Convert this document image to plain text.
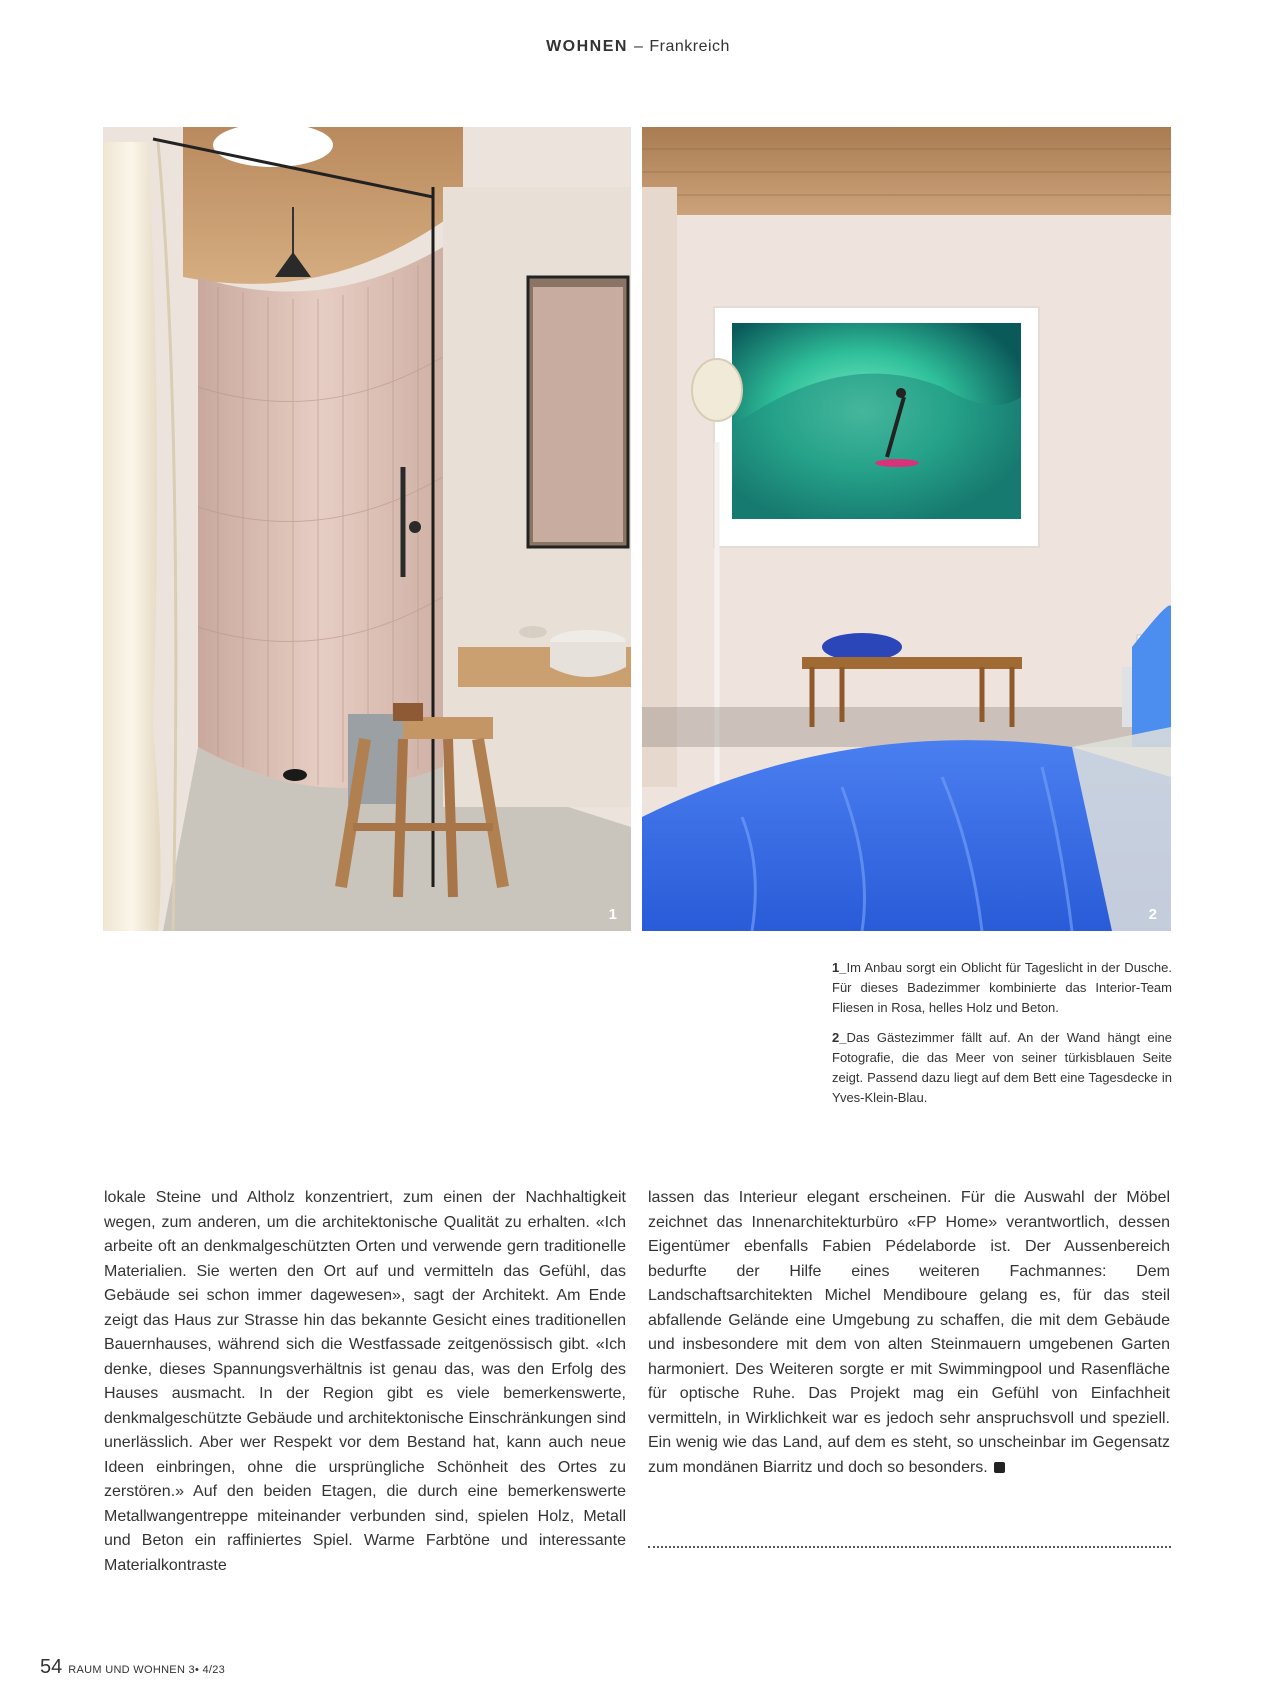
WOHNEN – Frankreich
1	2

1_Im Anbau sorgt ein Oblicht für Tageslicht in der Dusche. Für dieses Badezimmer kombinierte das Interior-Team Fliesen in Rosa, helles Holz und Beton.

2_Das Gästezimmer fällt auf. An der Wand hängt eine Fotografie, die das Meer von seiner türkisblauen Seite zeigt. Passend dazu liegt auf dem Bett eine Tagesdecke in Yves-Klein-Blau.

lokale Steine und Altholz konzentriert, zum einen der Nachhaltigkeit wegen, zum anderen, um die architektonische Qualität zu erhalten. «Ich arbeite oft an denkmalgeschützten Orten und verwende gern traditionelle Materialien. Sie werten den Ort auf und vermitteln das Gefühl, das Gebäude sei schon immer dagewesen», sagt der Architekt. Am Ende zeigt das Haus zur Strasse hin das bekannte Gesicht eines traditionellen Bauernhauses, während sich die Westfassade zeitgenössisch gibt. «Ich denke, dieses Spannungsverhältnis ist genau das, was den Erfolg des Hauses ausmacht. In der Region gibt es viele bemerkenswerte, denkmalgeschützte Gebäude und architektonische Einschränkungen sind unerlässlich. Aber wer Respekt vor dem Bestand hat, kann auch neue Ideen einbringen, ohne die ursprüngliche Schönheit des Ortes zu zerstören.» Auf den beiden Etagen, die durch eine bemerkenswerte Metallwangentreppe miteinander verbunden sind, spielen Holz, Metall und Beton ein raffiniertes Spiel. Warme Farbtöne und interessante Materialkontraste

lassen das Interieur elegant erscheinen. Für die Auswahl der Möbel zeichnet das Innenarchitekturbüro «FP Home» verantwortlich, dessen Eigentümer ebenfalls Fabien Pédelaborde ist. Der Aussenbereich bedurfte der Hilfe eines weiteren Fachmannes: Dem Landschaftsarchitekten Michel Mendiboure gelang es, für das steil abfallende Gelände eine Umgebung zu schaffen, die mit dem Gebäude und insbesondere mit dem von alten Steinmauern umgebenen Garten harmoniert. Des Weiteren sorgte er mit Swimmingpool und Rasenfläche für optische Ruhe. Das Projekt mag ein Gefühl von Einfachheit vermitteln, in Wirklichkeit war es jedoch sehr anspruchsvoll und speziell. Ein wenig wie das Land, auf dem es steht, so unscheinbar im Gegensatz zum mondänen Biarritz und doch so besonders.

54 RAUM UND WOHNEN 3• 4/23
